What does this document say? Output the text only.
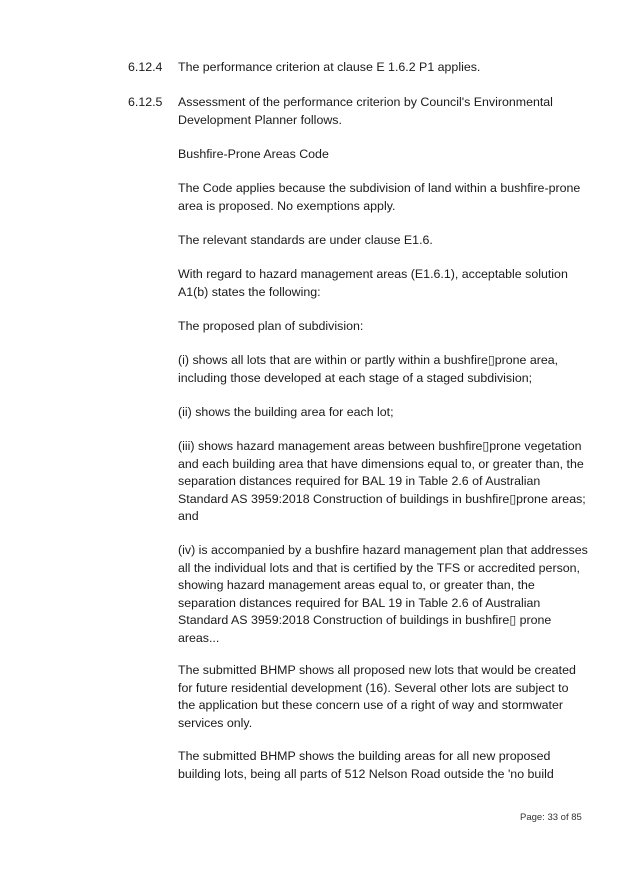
6.12.4 The performance criterion at clause E 1.6.2 P1 applies.
6.12.5 Assessment of the performance criterion by Council's Environmental Development Planner follows.

Bushfire-Prone Areas Code

The Code applies because the subdivision of land within a bushfire-prone area is proposed. No exemptions apply.

The relevant standards are under clause E1.6.

With regard to hazard management areas (E1.6.1), acceptable solution A1(b) states the following:

The proposed plan of subdivision:

(i) shows all lots that are within or partly within a bushfire▯prone area, including those developed at each stage of a staged subdivision;

(ii) shows the building area for each lot;

(iii) shows hazard management areas between bushfire▯prone vegetation and each building area that have dimensions equal to, or greater than, the separation distances required for BAL 19 in Table 2.6 of Australian Standard AS 3959:2018 Construction of buildings in bushfire▯prone areas; and

(iv) is accompanied by a bushfire hazard management plan that addresses all the individual lots and that is certified by the TFS or accredited person, showing hazard management areas equal to, or greater than, the separation distances required for BAL 19 in Table 2.6 of Australian Standard AS 3959:2018 Construction of buildings in bushfire▯ prone areas...

The submitted BHMP shows all proposed new lots that would be created for future residential development (16). Several other lots are subject to the application but these concern use of a right of way and stormwater services only.

The submitted BHMP shows the building areas for all new proposed building lots, being all parts of 512 Nelson Road outside the 'no build

Page: 33 of 85
